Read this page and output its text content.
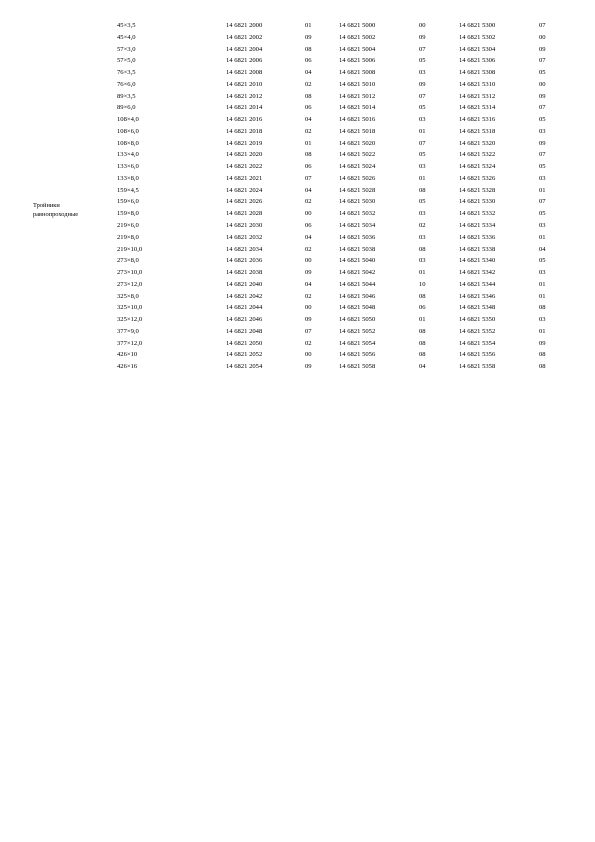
Тройники
равнопроходные
	45×3,5	14 6821 2000	01	14 6821 5000	00	14 6821 5300	07
	45×4,0	14 6821 2002	09	14 6821 5002	09	14 6821 5302	00
	57×3,0	14 6821 2004	08	14 6821 5004	07	14 6821 5304	09
	57×5,0	14 6821 2006	06	14 6821 5006	05	14 6821 5306	07
	76×3,5	14 6821 2008	04	14 6821 5008	03	14 6821 5308	05
	76×6,0	14 6821 2010	02	14 6821 5010	09	14 6821 5310	00
	89×3,5	14 6821 2012	08	14 6821 5012	07	14 6821 5312	09
	89×6,0	14 6821 2014	06	14 6821 5014	05	14 6821 5314	07
	108×4,0	14 6821 2016	04	14 6821 5016	03	14 6821 5316	05
	108×6,0	14 6821 2018	02	14 6821 5018	01	14 6821 5318	03
	108×8,0	14 6821 2019	01	14 6821 5020	07	14 6821 5320	09
	133×4,0	14 6821 2020	08	14 6821 5022	05	14 6821 5322	07
	133×6,0	14 6821 2022	06	14 6821 5024	03	14 6821 5324	05
	133×8,0	14 6821 2021	07	14 6821 5026	01	14 6821 5326	03
	159×4,5	14 6821 2024	04	14 6821 5028	08	14 6821 5328	01
	159×6,0	14 6821 2026	02	14 6821 5030	05	14 6821 5330	07
	159×8,0	14 6821 2028	00	14 6821 5032	03	14 6821 5332	05
	219×6,0	14 6821 2030	06	14 6821 5034	02	14 6821 5334	03
	219×8,0	14 6821 2032	04	14 6821 5036	03	14 6821 5336	01
	219×10,0	14 6821 2034	02	14 6821 5038	08	14 6821 5338	04
	273×8,0	14 6821 2036	00	14 6821 5040	03	14 6821 5340	05
	273×10,0	14 6821 2038	09	14 6821 5042	01	14 6821 5342	03
	273×12,0	14 6821 2040	04	14 6821 5044	10	14 6821 5344	01
	325×8,0	14 6821 2042	02	14 6821 5046	08	14 6821 5346	01
	325×10,0	14 6821 2044	00	14 6821 5048	06	14 6821 5348	08
	325×12,0	14 6821 2046	09	14 6821 5050	01	14 6821 5350	03
	377×9,0	14 6821 2048	07	14 6821 5052	08	14 6821 5352	01
	377×12,0	14 6821 2050	02	14 6821 5054	08	14 6821 5354	09
	426×10	14 6821 2052	00	14 6821 5056	08	14 6821 5356	08
	426×16	14 6821 2054	09	14 6821 5058	04	14 6821 5358	08
